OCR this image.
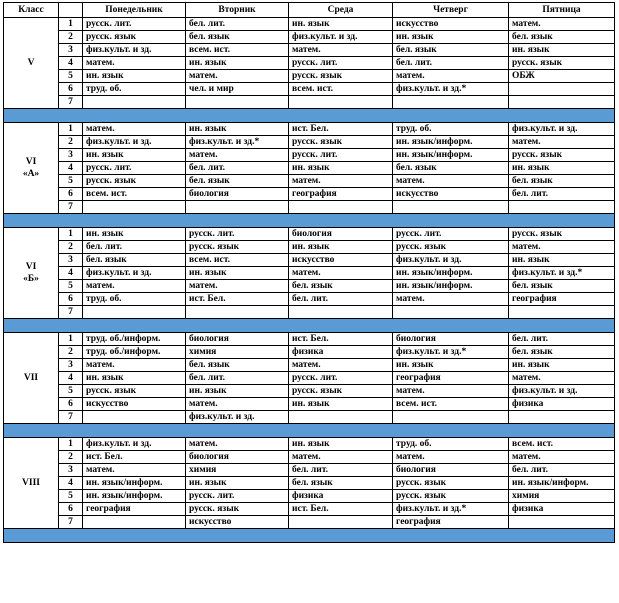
Класс		Понедельник	Вторник	Среда	Четверг	Пятница
V	1	русск. лит.	бел. лит.	ин. язык	искусство	матем.
	2	русск. язык	бел. язык	физ.культ. и зд.	ин. язык	бел. язык
	3	физ.культ. и зд.	всем. ист.	матем.	бел. язык	ин. язык
	4	матем.	ин. язык	русск. лит.	бел. лит.	русск. язык
	5	ин. язык	матем.	русск. язык	матем.	ОБЖ
	6	труд. об.	чел. и мир	всем. ист.	физ.культ. и зд.*	
	7					

VI
«А»	1	матем.	ин. язык	ист. Бел.	труд. об.	физ.культ. и зд.
	2	физ.культ. и зд.	физ.культ. и зд.*	русск. язык	ин. язык/информ.	матем.
	3	ин. язык	матем.	русск. лит.	ин. язык/информ.	русск. язык
	4	русск. лит.	бел. лит.	ин. язык	бел. язык	ин. язык
	5	русск. язык	бел. язык	матем.	матем.	бел. язык
	6	всем. ист.	биология	география	искусство	бел. лит.
	7					

VI
«Б»	1	ин. язык	русск. лит.	биология	русск. лит.	русск. язык
	2	бел. лит.	русск. язык	ин. язык	русск. язык	матем.
	3	бел. язык	всем. ист.	искусство	физ.культ. и зд.	ин. язык
	4	физ.культ. и зд.	ин. язык	матем.	ин. язык/информ.	физ.культ. и зд.*
	5	матем.	матем.	бел. язык	ин. язык/информ.	бел. язык
	6	труд. об.	ист. Бел.	бел. лит.	матем.	география
	7					

VII	1	труд. об./информ.	биология	ист. Бел.	биология	бел. лит.
	2	труд. об./информ.	химия	физика	физ.культ. и зд.*	бел. язык
	3	матем.	бел. язык	матем.	ин. язык	ин. язык
	4	ин. язык	бел. лит.	русск. лит.	география	матем.
	5	русск. язык	ин. язык	русск. язык	матем.	физ.культ. и зд.
	6	искусство	матем.	ин. язык	всем. ист.	физика
	7		физ.культ. и зд.			

VIII	1	физ.культ. и зд.	матем.	ин. язык	труд. об.	всем. ист.
	2	ист. Бел.	биология	матем.	матем.	матем.
	3	матем.	химия	бел. лит.	биология	бел. лит.
	4	ин. язык/информ.	ин. язык	бел. язык	русск. язык	ин. язык/информ.
	5	ин. язык/информ.	русск. лит.	физика	русск. язык	химия
	6	география	русск. язык	ист. Бел.	физ.культ. и зд.*	физика
	7		искусство		география	
